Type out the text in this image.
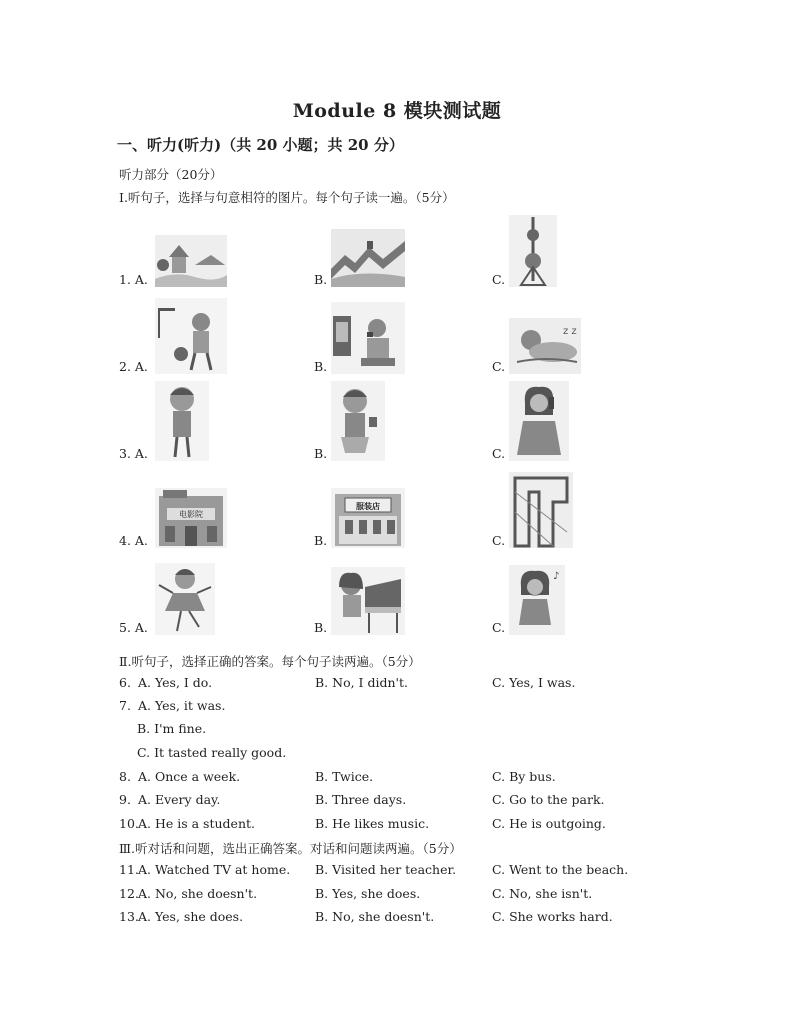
Module 8 模块测试题
一、听力(听力)（共 20 小题；共 20 分）
听力部分（20分）
Ⅰ.听句子，选择与句意相符的图片。每个句子读一遍。（5分）
1. A.	B.	C.
2. A.	B.	C.
z z
3. A.	B.	C.
4. A.
电影院
B.
服装店
C.
5. A.	B.	C.
♪
Ⅱ.听句子，选择正确的答案。每个句子读两遍。（5分）
6. A. Yes, I do.	B. No, I didn't.	C. Yes, I was.
7. A. Yes, it was.
B. I'm fine.
C. It tasted really good.
8. A. Once a week.	B. Twice.	C. By bus.
9. A. Every day.	B. Three days.	C. Go to the park.
10. A. He is a student.	B. He likes music.	C. He is outgoing.
Ⅲ.听对话和问题，选出正确答案。对话和问题读两遍。（5分）
11. A. Watched TV at home. B. Visited her teacher.	C. Went to the beach.
12. A. No, she doesn't.	B. Yes, she does.	C. No, she isn't.
13. A. Yes, she does.	B. No, she doesn't.	C. She works hard.
